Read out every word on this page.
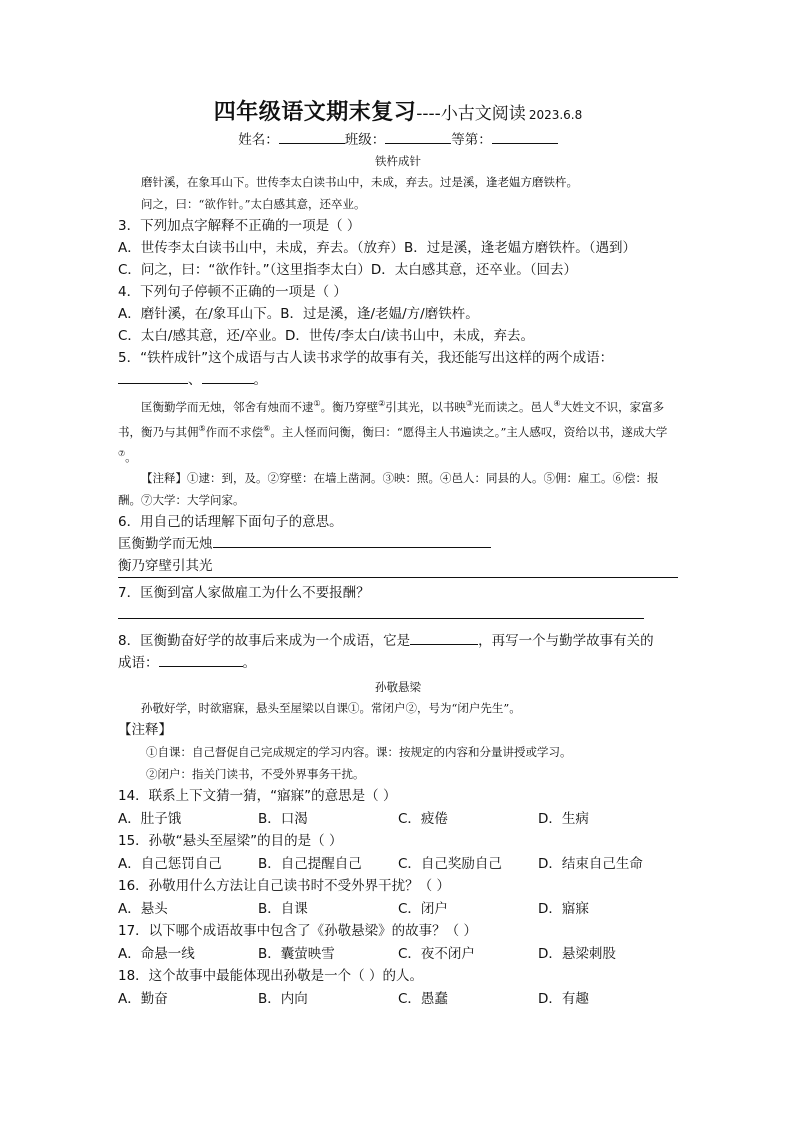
四年级语文期末复习----小古文阅读 2023.6.8
姓名：	班级：	等第：
铁杵成针

磨针溪，在象耳山下。世传李太白读书山中，未成，弃去。过是溪，逢老媪方磨铁杵。

问之，曰：“欲作针。”太白感其意，还卒业。

3．下列加点字解释不正确的一项是（ ）

A．世传李太白读书山中，未成，弃去。（放弃）B．过是溪，逢老媪方磨铁杵。（遇到）

C．问之，曰：“欲作针。”（这里指李太白）D．太白感其意，还卒业。（回去）

4．下列句子停顿不正确的一项是（ ）

A．磨针溪，在/象耳山下。B．过是溪，逢/老媪/方/磨铁杵。

C．太白/感其意，还/卒业。D．世传/李太白/读书山中，未成，弃去。

5．“铁杵成针”这个成语与古人读书求学的故事有关，我还能写出这样的两个成语：

、	。

匡衡勤学而无烛，邻舍有烛而不逮①。衡乃穿壁②引其光，以书映③光而读之。邑人④大姓文不识，家富多书，衡乃与其佣⑤作而不求偿⑥。主人怪而问衡，衡曰：“愿得主人书遍读之。”主人感叹，资给以书，遂成大学⑦。

【注释】①逮：到，及。②穿壁：在墙上凿洞。③映：照。④邑人：同县的人。⑤佣：雇工。⑥偿：报酬。⑦大学：大学问家。

6．用自己的话理解下面句子的意思。

匡衡勤学而无烛

衡乃穿壁引其光

7．匡衡到富人家做雇工为什么不要报酬？

8．匡衡勤奋好学的故事后来成为一个成语，它是	，再写一个与勤学故事有关的

成语：	。

孙敬悬梁

孙敬好学，时欲寤寐，悬头至屋梁以自课①。常闭户②，号为“闭户先生”。

【注释】

①自课：自己督促自己完成规定的学习内容。课：按规定的内容和分量讲授或学习。

②闭户：指关门读书，不受外界事务干扰。

14．联系上下文猜一猜，“寤寐”的意思是（ ）

A．肚子饿	B．口渴	C．疲倦	D．生病

15．孙敬“悬头至屋梁”的目的是（ ）

A．自己惩罚自己	B．自己提醒自己	C．自己奖励自己	D．结束自己生命

16．孙敬用什么方法让自己读书时不受外界干扰？（ ）

A．悬头	B．自课	C．闭户	D．寤寐

17．以下哪个成语故事中包含了《孙敬悬梁》的故事？（ ）

A．命悬一线	B．囊萤映雪	C．夜不闭户	D．悬梁刺股

18．这个故事中最能体现出孙敬是一个（ ）的人。

A．勤奋	B．内向	C．愚蠢	D．有趣
